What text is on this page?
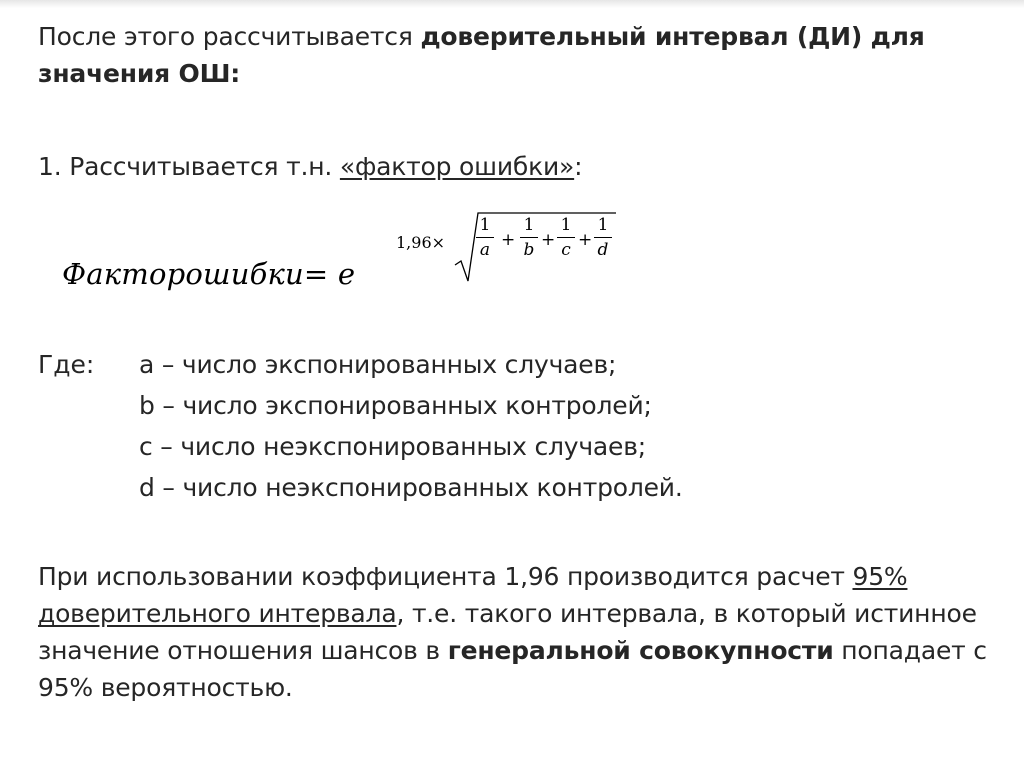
После этого рассчитывается доверительный интервал (ДИ) для значения ОШ:
1. Рассчитывается т.н. «фактор ошибки»:
Факторошибки= e
1,96×
1
a +
1
b +
1
c +
1
d
Где: a – число экспонированных случаев;
b – число экспонированных контролей;
c – число неэкспонированных случаев;
d – число неэкспонированных контролей.
При использовании коэффициента 1,96 производится расчет 95% доверительного интервала, т.е. такого интервала, в который истинное значение отношения шансов в генеральной совокупности попадает с 95% вероятностью.
